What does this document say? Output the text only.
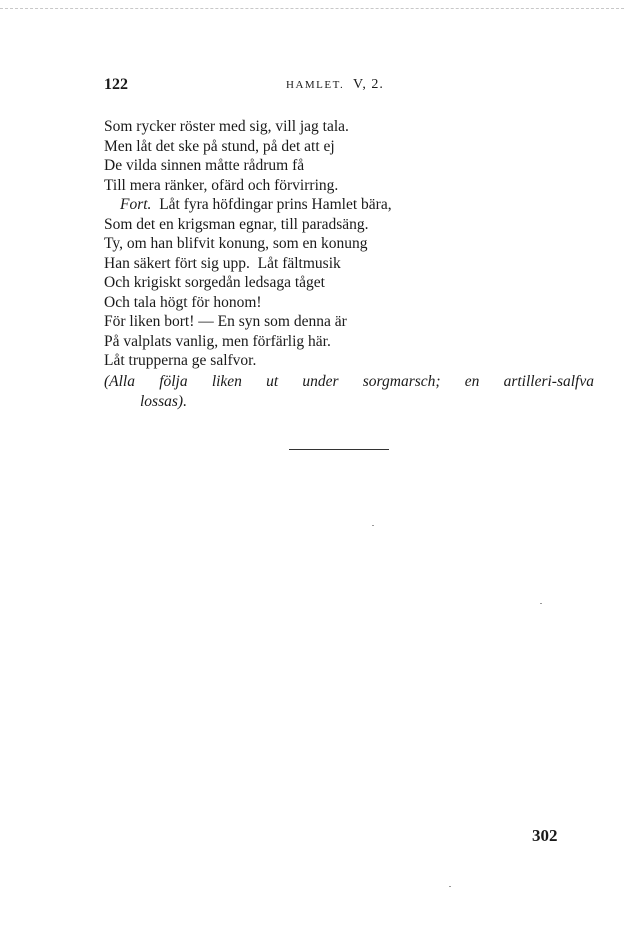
122	HAMLET. V, 2.
Som rycker röster med sig, vill jag tala.
Men låt det ske på stund, på det att ej
De vilda sinnen måtte rådrum få
Till mera ränker, ofärd och förvirring.
Fort. Låt fyra höfdingar prins Hamlet bära,
Som det en krigsman egnar, till paradsäng.
Ty, om han blifvit konung, som en konung
Han säkert fört sig upp.  Låt fältmusik
Och krigiskt sorgedån ledsaga tåget
Och tala högt för honom!
För liken bort! — En syn som denna är
På valplats vanlig, men förfärlig här.
Låt trupperna ge salfvor.
(Alla följa liken ut under sorgmarsch; en artilleri-salfva
lossas).
302
